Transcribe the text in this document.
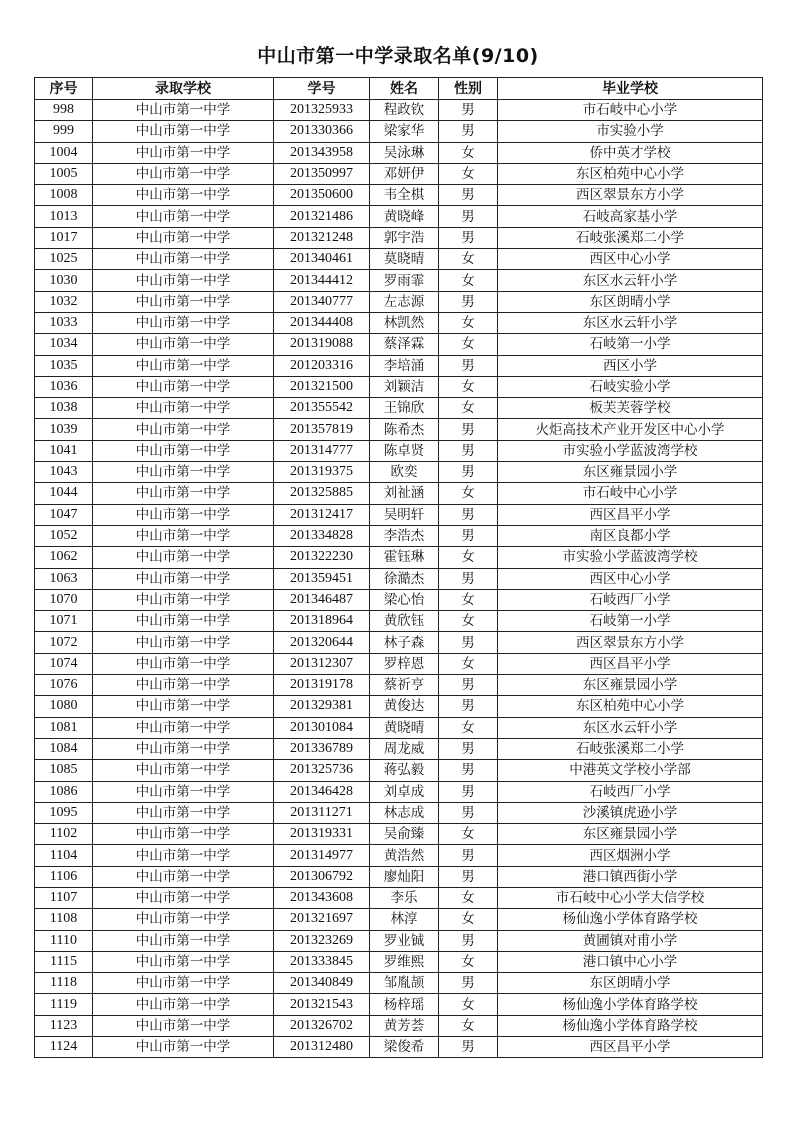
中山市第一中学录取名单(9/10)
序号	录取学校	学号	姓名	性别	毕业学校
998	中山市第一中学	201325933	程政钦	男	市石岐中心小学
999	中山市第一中学	201330366	梁家华	男	市实验小学
1004	中山市第一中学	201343958	吴泳琳	女	侨中英才学校
1005	中山市第一中学	201350997	邓妍伊	女	东区柏苑中心小学
1008	中山市第一中学	201350600	韦全棋	男	西区翠景东方小学
1013	中山市第一中学	201321486	黄晓峰	男	石岐高家基小学
1017	中山市第一中学	201321248	郭宇浩	男	石岐张溪郑二小学
1025	中山市第一中学	201340461	莫晓晴	女	西区中心小学
1030	中山市第一中学	201344412	罗雨霏	女	东区水云轩小学
1032	中山市第一中学	201340777	左志源	男	东区朗晴小学
1033	中山市第一中学	201344408	林凯然	女	东区水云轩小学
1034	中山市第一中学	201319088	蔡泽霖	女	石岐第一小学
1035	中山市第一中学	201203316	李培涌	男	西区小学
1036	中山市第一中学	201321500	刘颖洁	女	石岐实验小学
1038	中山市第一中学	201355542	王锦欣	女	板芙芙蓉学校
1039	中山市第一中学	201357819	陈希杰	男	火炬高技术产业开发区中心小学
1041	中山市第一中学	201314777	陈卓贤	男	市实验小学蓝波湾学校
1043	中山市第一中学	201319375	欧奕	男	东区雍景园小学
1044	中山市第一中学	201325885	刘祉涵	女	市石岐中心小学
1047	中山市第一中学	201312417	吴明轩	男	西区昌平小学
1052	中山市第一中学	201334828	李浩杰	男	南区良都小学
1062	中山市第一中学	201322230	霍钰琳	女	市实验小学蓝波湾学校
1063	中山市第一中学	201359451	徐澔杰	男	西区中心小学
1070	中山市第一中学	201346487	梁心怡	女	石岐西厂小学
1071	中山市第一中学	201318964	黄欣钰	女	石岐第一小学
1072	中山市第一中学	201320644	林子森	男	西区翠景东方小学
1074	中山市第一中学	201312307	罗梓恩	女	西区昌平小学
1076	中山市第一中学	201319178	蔡祈亨	男	东区雍景园小学
1080	中山市第一中学	201329381	黄俊达	男	东区柏苑中心小学
1081	中山市第一中学	201301084	黄晓晴	女	东区水云轩小学
1084	中山市第一中学	201336789	周龙威	男	石岐张溪郑二小学
1085	中山市第一中学	201325736	蒋弘毅	男	中港英文学校小学部
1086	中山市第一中学	201346428	刘卓成	男	石岐西厂小学
1095	中山市第一中学	201311271	林志成	男	沙溪镇虎逊小学
1102	中山市第一中学	201319331	吴俞臻	女	东区雍景园小学
1104	中山市第一中学	201314977	黄浩然	男	西区烟洲小学
1106	中山市第一中学	201306792	廖灿阳	男	港口镇西街小学
1107	中山市第一中学	201343608	李乐	女	市石岐中心小学大信学校
1108	中山市第一中学	201321697	林淳	女	杨仙逸小学体育路学校
1110	中山市第一中学	201323269	罗业铖	男	黄圃镇对甫小学
1115	中山市第一中学	201333845	罗维熙	女	港口镇中心小学
1118	中山市第一中学	201340849	邹胤颉	男	东区朗晴小学
1119	中山市第一中学	201321543	杨梓瑶	女	杨仙逸小学体育路学校
1123	中山市第一中学	201326702	黄芳荟	女	杨仙逸小学体育路学校
1124	中山市第一中学	201312480	梁俊希	男	西区昌平小学
